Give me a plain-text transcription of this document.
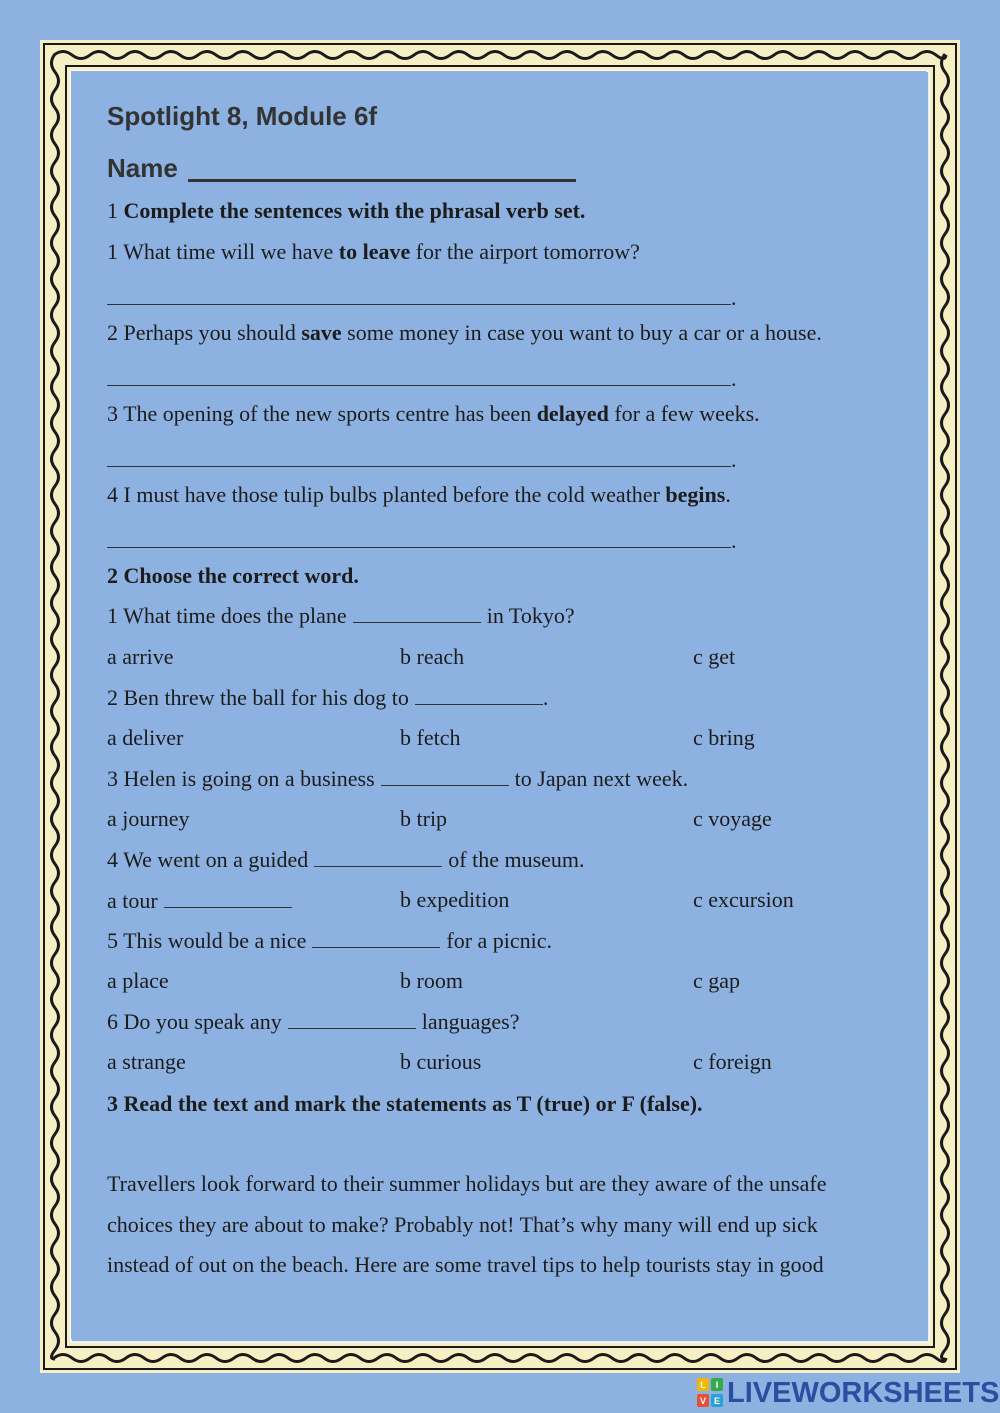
Spotlight 8, Module 6f
Name
1 Complete the sentences with the phrasal verb set.
1 What time will we have to leave for the airport tomorrow?
.
2 Perhaps you should save some money in case you want to buy a car or a house.
.
3 The opening of the new sports centre has been delayed for a few weeks.
.
4 I must have those tulip bulbs planted before the cold weather begins.
.
2 Choose the correct word.
1 What time does the plane	in Tokyo?
a arrive	b reach	c get
2 Ben threw the ball for his dog to	.
a deliver	b fetch	c bring
3 Helen is going on a business	to Japan next week.
a journey	b trip	c voyage
4 We went on a guided	of the museum.
a tour	b expedition	c excursion
5 This would be a nice	for a picnic.
a place	b room	c gap
6 Do you speak any	languages?
a strange	b curious	c foreign
3 Read the text and mark the statements as T (true) or F (false).
Travellers look forward to their summer holidays but are they aware of the unsafe
choices they are about to make? Probably not! That’s why many will end up sick
instead of out on the beach. Here are some travel tips to help tourists stay in good
L I
V E LIVEWORKSHEETS
